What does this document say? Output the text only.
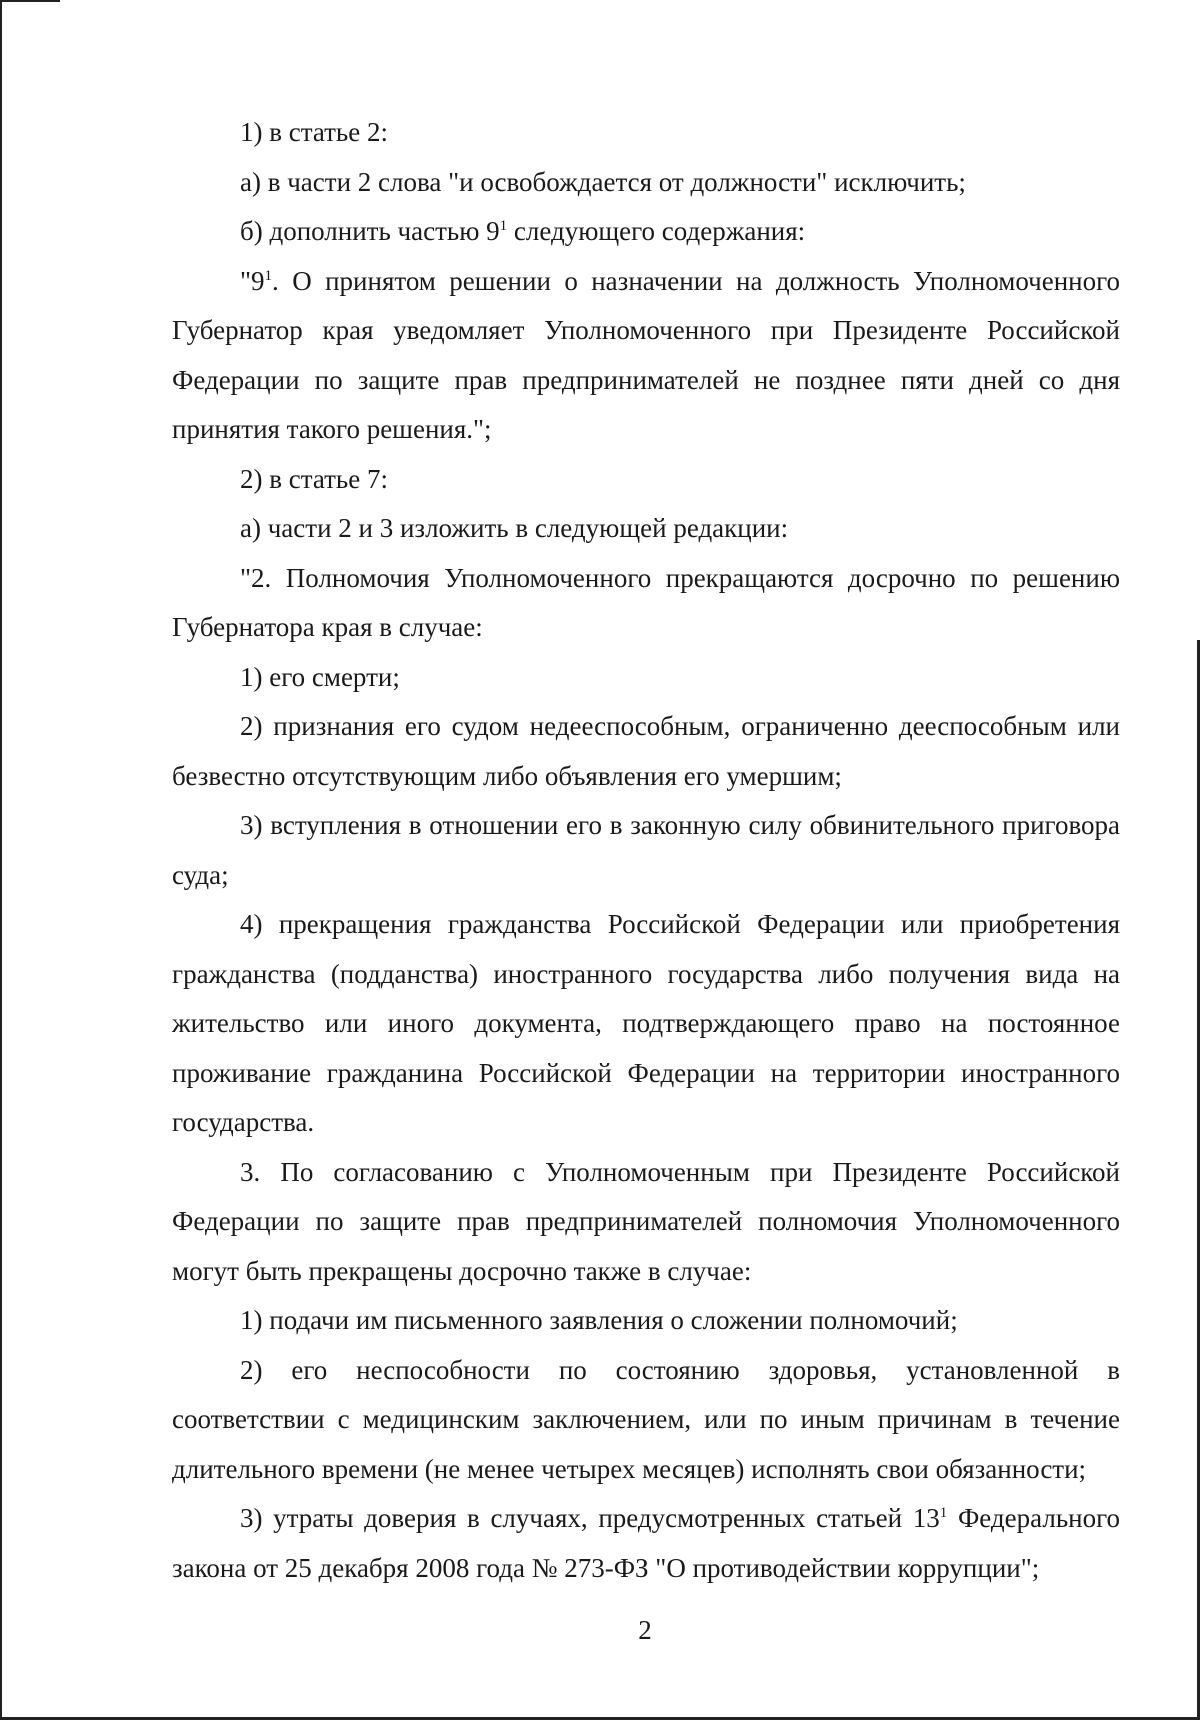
1) в статье 2:

а) в части 2 слова "и освобождается от должности" исключить;

б) дополнить частью $9^1$ следующего содержания:

"$9^1$. О принятом решении о назначении на должность Уполномоченного Губернатор края уведомляет Уполномоченного при Президенте Российской Федерации по защите прав предпринимателей не позднее пяти дней со дня принятия такого решения.";

2) в статье 7:

а) части 2 и 3 изложить в следующей редакции:

"2. Полномочия Уполномоченного прекращаются досрочно по решению Губернатора края в случае:

1) его смерти;

2) признания его судом недееспособным, ограниченно дееспособным или безвестно отсутствующим либо объявления его умершим;

3) вступления в отношении его в законную силу обвинительного приговора суда;

4) прекращения гражданства Российской Федерации или приобретения гражданства (подданства) иностранного государства либо получения вида на жительство или иного документа, подтверждающего право на постоянное проживание гражданина Российской Федерации на территории иностранного государства.

3. По согласованию с Уполномоченным при Президенте Российской Федерации по защите прав предпринимателей полномочия Уполномоченного могут быть прекращены досрочно также в случае:

1) подачи им письменного заявления о сложении полномочий;

2) его неспособности по состоянию здоровья, установленной в соответствии с медицинским заключением, или по иным причинам в течение длительного времени (не менее четырех месяцев) исполнять свои обязанности;

3) утраты доверия в случаях, предусмотренных статьей $13^1$ Федерального закона от 25 декабря 2008 года № 273-ФЗ "О противодействии коррупции";

2
